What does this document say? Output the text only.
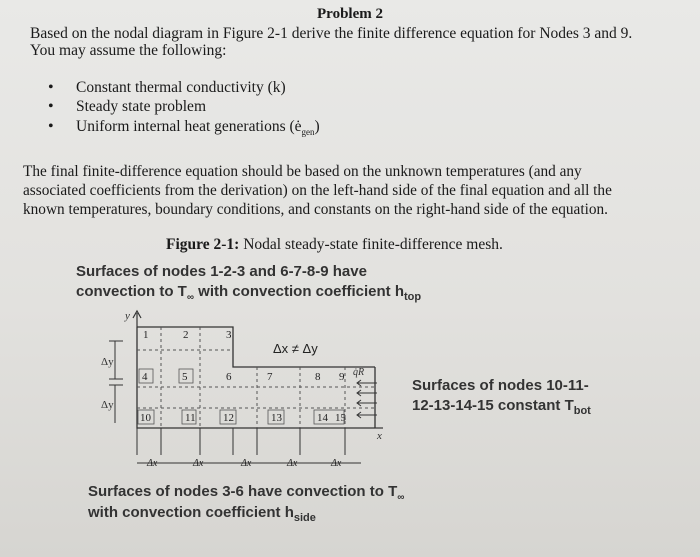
Problem 2
Based on the nodal diagram in Figure 2-1 derive the finite difference equation for Nodes 3 and 9.
You may assume the following:
• Constant thermal conductivity (k)
• Steady state problem
• Uniform internal heat generations $(ė_{gen})$
The final finite-difference equation should be based on the unknown temperatures (and any
associated coefficients from the derivation) on the left-hand side of the final equation and all the
known temperatures, boundary conditions, and constants on the right-hand side of the equation.
Figure 2-1: Nodal steady-state finite-difference mesh.
Surfaces of nodes 1-2-3 and 6-7-8-9 have
convection to $T_\infty$ with convection coefficient $h_{top}$
Surfaces of nodes 10-11-
12-13-14-15 constant $T_{bot}$
Surfaces of nodes 3-6 have convection to $T_\infty$
with convection coefficient $h_{side}$
y
x
Δy
Δy
1	2	3
4	5	6	7	8 9
10	11 12	13	14 15
Δx ≠ Δy
q̇R
Δx	Δx	Δx	Δx	Δx
